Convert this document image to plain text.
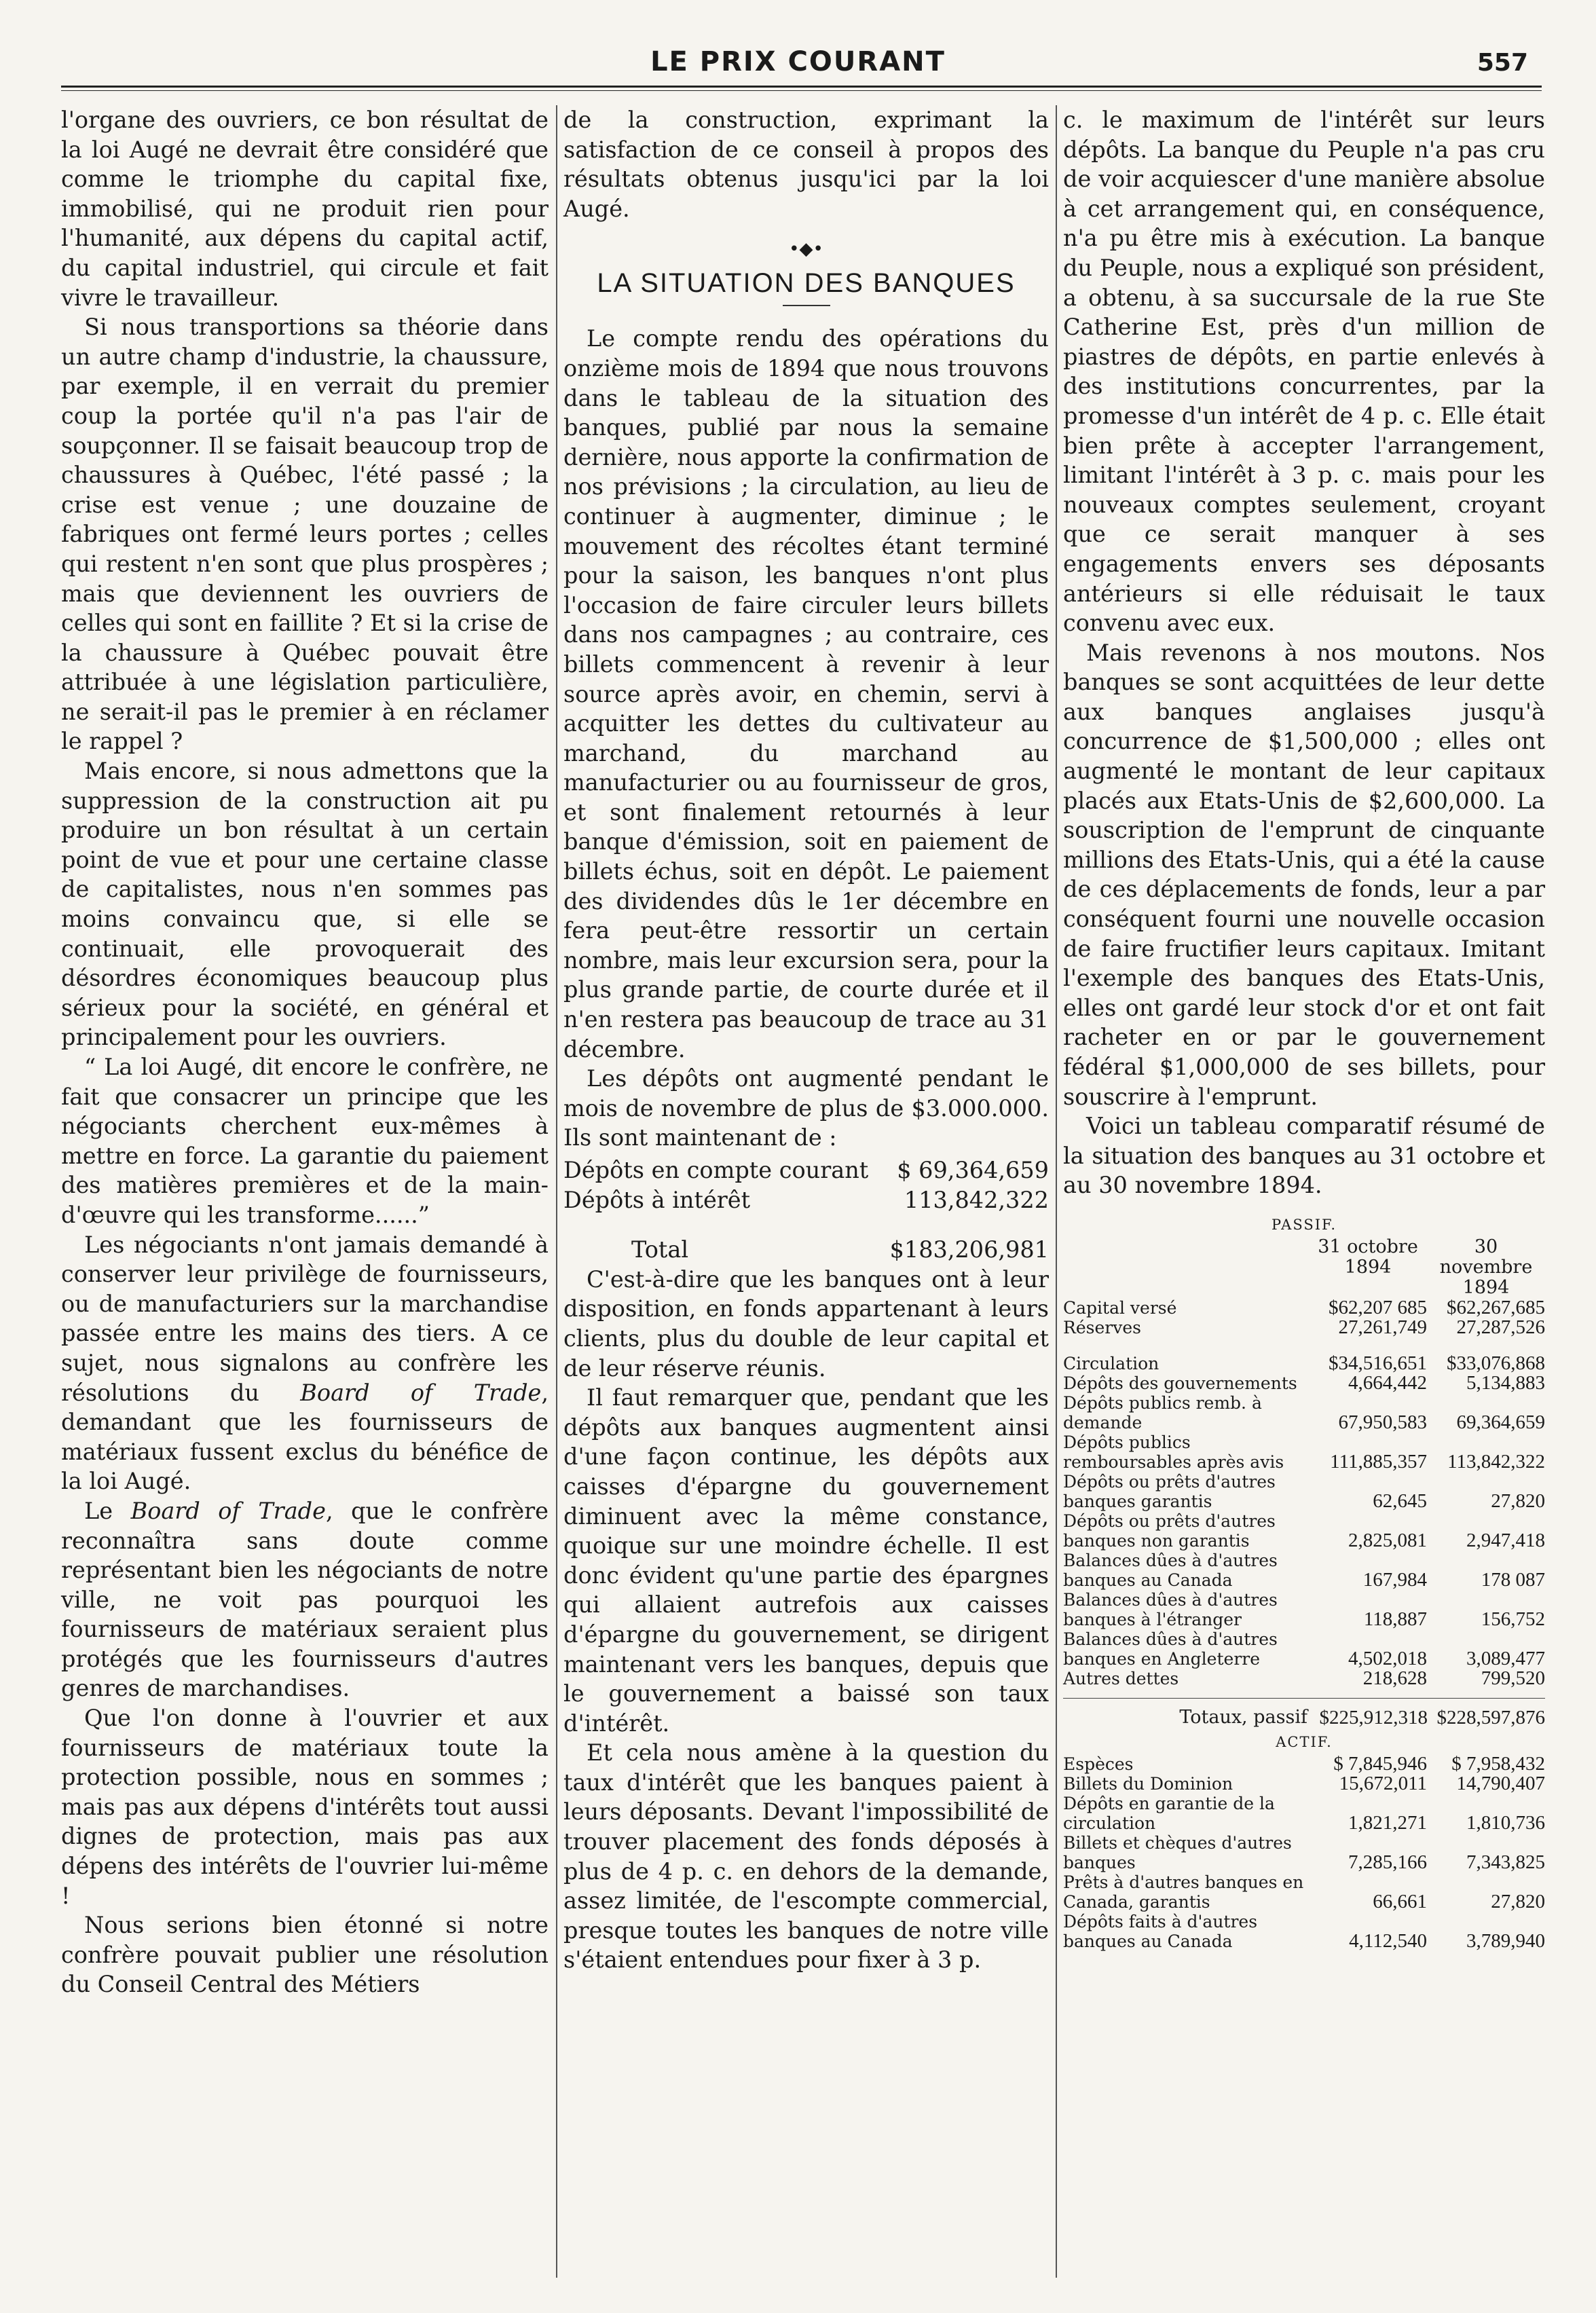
LE PRIX COURANT	557

l'organe des ouvriers, ce bon résultat de la loi Augé ne devrait être considéré que comme le triomphe du capital fixe, immobilisé, qui ne produit rien pour l'humanité, aux dépens du capital actif, du capital industriel, qui circule et fait vivre le travailleur.

Si nous transportions sa théorie dans un autre champ d'industrie, la chaussure, par exemple, il en verrait du premier coup la portée qu'il n'a pas l'air de soupçonner. Il se faisait beaucoup trop de chaussures à Québec, l'été passé ; la crise est venue ; une douzaine de fabriques ont fermé leurs portes ; celles qui restent n'en sont que plus prospères ; mais que deviennent les ouvriers de celles qui sont en faillite ? Et si la crise de la chaussure à Québec pouvait être attribuée à une législation particulière, ne serait-il pas le premier à en réclamer le rappel ?

Mais encore, si nous admettons que la suppression de la construction ait pu produire un bon résultat à un certain point de vue et pour une certaine classe de capitalistes, nous n'en sommes pas moins convaincu que, si elle se continuait, elle provoquerait des désordres économiques beaucoup plus sérieux pour la société, en général et principalement pour les ouvriers.

“ La loi Augé, dit encore le confrère, ne fait que consacrer un principe que les négociants cherchent eux-mêmes à mettre en force. La garantie du paiement des matières premières et de la main-d'œuvre qui les transforme......”

Les négociants n'ont jamais demandé à conserver leur privilège de fournisseurs, ou de manufacturiers sur la marchandise passée entre les mains des tiers. A ce sujet, nous signalons au confrère les résolutions du Board of Trade, demandant que les fournisseurs de matériaux fussent exclus du bénéfice de la loi Augé.

Le Board of Trade, que le confrère reconnaîtra sans doute comme représentant bien les négociants de notre ville, ne voit pas pourquoi les fournisseurs de matériaux seraient plus protégés que les fournisseurs d'autres genres de marchandises.

Que l'on donne à l'ouvrier et aux fournisseurs de matériaux toute la protection possible, nous en sommes ; mais pas aux dépens d'intérêts tout aussi dignes de protection, mais pas aux dépens des intérêts de l'ouvrier lui-même !

Nous serions bien étonné si notre confrère pouvait publier une résolution du Conseil Central des Métiers

de la construction, exprimant la satisfaction de ce conseil à propos des résultats obtenus jusqu'ici par la loi Augé.

•◆•
LA SITUATION DES BANQUES

Le compte rendu des opérations du onzième mois de 1894 que nous trouvons dans le tableau de la situation des banques, publié par nous la semaine dernière, nous apporte la confirmation de nos prévisions ; la circulation, au lieu de continuer à augmenter, diminue ; le mouvement des récoltes étant terminé pour la saison, les banques n'ont plus l'occasion de faire circuler leurs billets dans nos campagnes ; au contraire, ces billets commencent à revenir à leur source après avoir, en chemin, servi à acquitter les dettes du cultivateur au marchand, du marchand au manufacturier ou au fournisseur de gros, et sont finalement retournés à leur banque d'émission, soit en paiement de billets échus, soit en dépôt. Le paiement des dividendes dûs le 1er décembre en fera peut-être ressortir un certain nombre, mais leur excursion sera, pour la plus grande partie, de courte durée et il n'en restera pas beaucoup de trace au 31 décembre.

Les dépôts ont augmenté pendant le mois de novembre de plus de $3.000.000. Ils sont maintenant de :

Dépôts en compte courant	$ 69,364,659
Dépôts à intérêt	113,842,322
Total	$183,206,981

C'est-à-dire que les banques ont à leur disposition, en fonds appartenant à leurs clients, plus du double de leur capital et de leur réserve réunis.

Il faut remarquer que, pendant que les dépôts aux banques augmentent ainsi d'une façon continue, les dépôts aux caisses d'épargne du gouvernement diminuent avec la même constance, quoique sur une moindre échelle. Il est donc évident qu'une partie des épargnes qui allaient autrefois aux caisses d'épargne du gouvernement, se dirigent maintenant vers les banques, depuis que le gouvernement a baissé son taux d'intérêt.

Et cela nous amène à la question du taux d'intérêt que les banques paient à leurs déposants. Devant l'impossibilité de trouver placement des fonds déposés à plus de 4 p. c. en dehors de la demande, assez limitée, de l'escompte commercial, presque toutes les banques de notre ville s'étaient entendues pour fixer à 3 p.

c. le maximum de l'intérêt sur leurs dépôts. La banque du Peuple n'a pas cru de voir acquiescer d'une manière absolue à cet arrangement qui, en conséquence, n'a pu être mis à exécution. La banque du Peuple, nous a expliqué son président, a obtenu, à sa succursale de la rue Ste Catherine Est, près d'un million de piastres de dépôts, en partie enlevés à des institutions concurrentes, par la promesse d'un intérêt de 4 p. c. Elle était bien prête à accepter l'arrangement, limitant l'intérêt à 3 p. c. mais pour les nouveaux comptes seulement, croyant que ce serait manquer à ses engagements envers ses déposants antérieurs si elle réduisait le taux convenu avec eux.

Mais revenons à nos moutons. Nos banques se sont acquittées de leur dette aux banques anglaises jusqu'à concurrence de $1,500,000 ; elles ont augmenté le montant de leur capitaux placés aux Etats-Unis de $2,600,000. La souscription de l'emprunt de cinquante millions des Etats-Unis, qui a été la cause de ces déplacements de fonds, leur a par conséquent fourni une nouvelle occasion de faire fructifier leurs capitaux. Imitant l'exemple des banques des Etats-Unis, elles ont gardé leur stock d'or et ont fait racheter en or par le gouvernement fédéral $1,000,000 de ses billets, pour souscrire à l'emprunt.

Voici un tableau comparatif résumé de la situation des banques au 31 octobre et au 30 novembre 1894.

PASSIF.
31 octobre 1894
30 novembre 1894
Capital versé	$62,207 685	$62,267,685
Réserves	27,261,749	27,287,526
Circulation	$34,516,651	$33,076,868
Dépôts des gouvernements	4,664,442	5,134,883
Dépôts publics remb. à demande	67,950,583	69,364,659
Dépôts publics remboursables après avis	111,885,357	113,842,322
Dépôts ou prêts d'autres banques garantis	62,645	27,820
Dépôts ou prêts d'autres banques non garantis	2,825,081	2,947,418
Balances dûes à d'autres banques au Canada	167,984	178 087
Balances dûes à d'autres banques à l'étranger	118,887	156,752
Balances dûes à d'autres banques en Angleterre	4,502,018	3,089,477
Autres dettes	218,628	799,520
Totaux, passif $225,912,318 $228,597,876
ACTIF.
Espèces	$ 7,845,946	$ 7,958,432
Billets du Dominion	15,672,011	14,790,407
Dépôts en garantie de la circulation	1,821,271	1,810,736
Billets et chèques d'autres banques	7,285,166	7,343,825
Prêts à d'autres banques en Canada, garantis	66,661	27,820
Dépôts faits à d'autres banques au Canada	4,112,540	3,789,940
